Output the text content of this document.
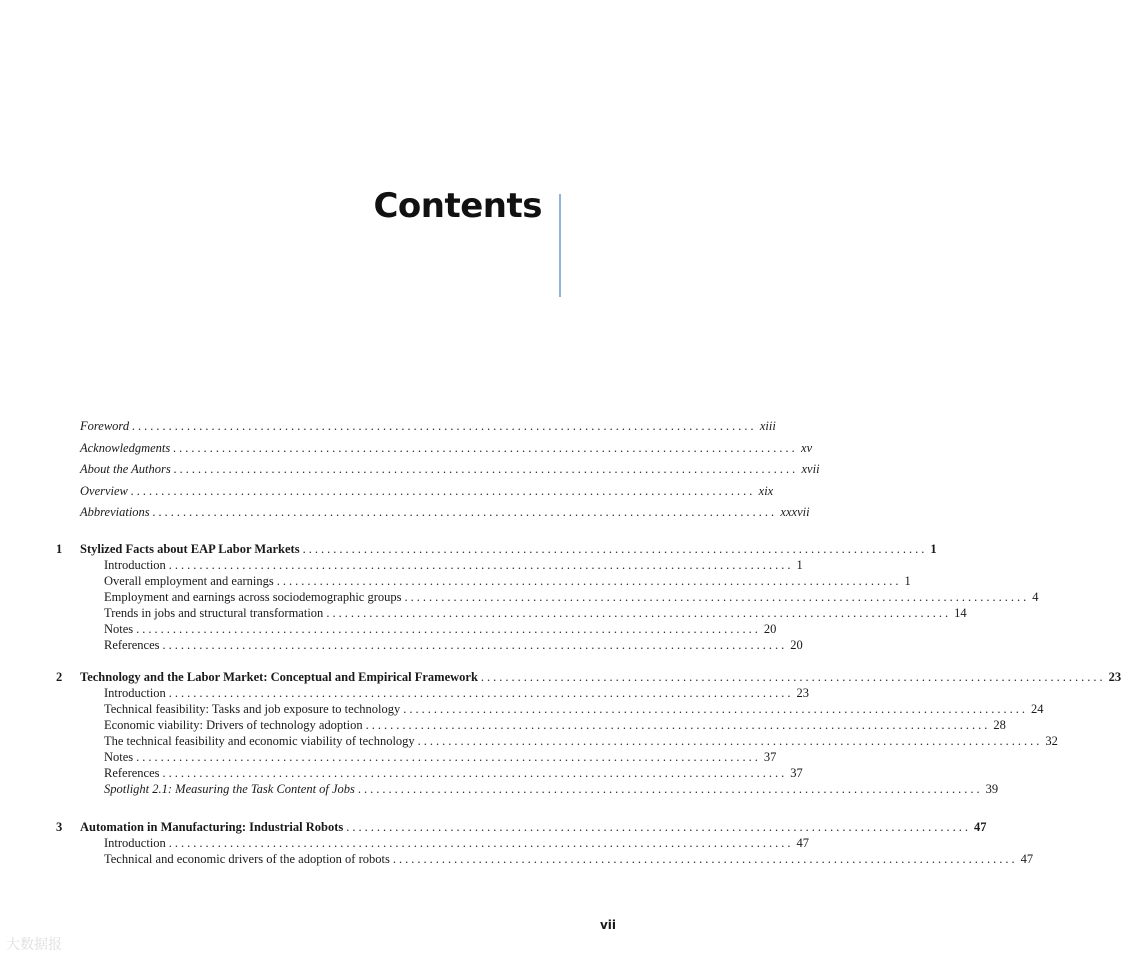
Contents
Foreword ...................................................................................................... xiii
Acknowledgments ...................................................................................................... xv
About the Authors ...................................................................................................... xvii
Overview ...................................................................................................... xix
Abbreviations ...................................................................................................... xxxvii
1 Stylized Facts about EAP Labor Markets ...................................................................................................... 1
Introduction ...................................................................................................... 1
Overall employment and earnings ...................................................................................................... 1
Employment and earnings across sociodemographic groups ...................................................................................................... 4
Trends in jobs and structural transformation ...................................................................................................... 14
Notes ...................................................................................................... 20
References ...................................................................................................... 20
2 Technology and the Labor Market: Conceptual and Empirical Framework ...................................................................................................... 23
Introduction ...................................................................................................... 23
Technical feasibility: Tasks and job exposure to technology ...................................................................................................... 24
Economic viability: Drivers of technology adoption ...................................................................................................... 28
The technical feasibility and economic viability of technology ...................................................................................................... 32
Notes ...................................................................................................... 37
References ...................................................................................................... 37
Spotlight 2.1: Measuring the Task Content of Jobs ...................................................................................................... 39
3 Automation in Manufacturing: Industrial Robots ...................................................................................................... 47
Introduction ...................................................................................................... 47
Technical and economic drivers of the adoption of robots ...................................................................................................... 47
vii
大数据报
